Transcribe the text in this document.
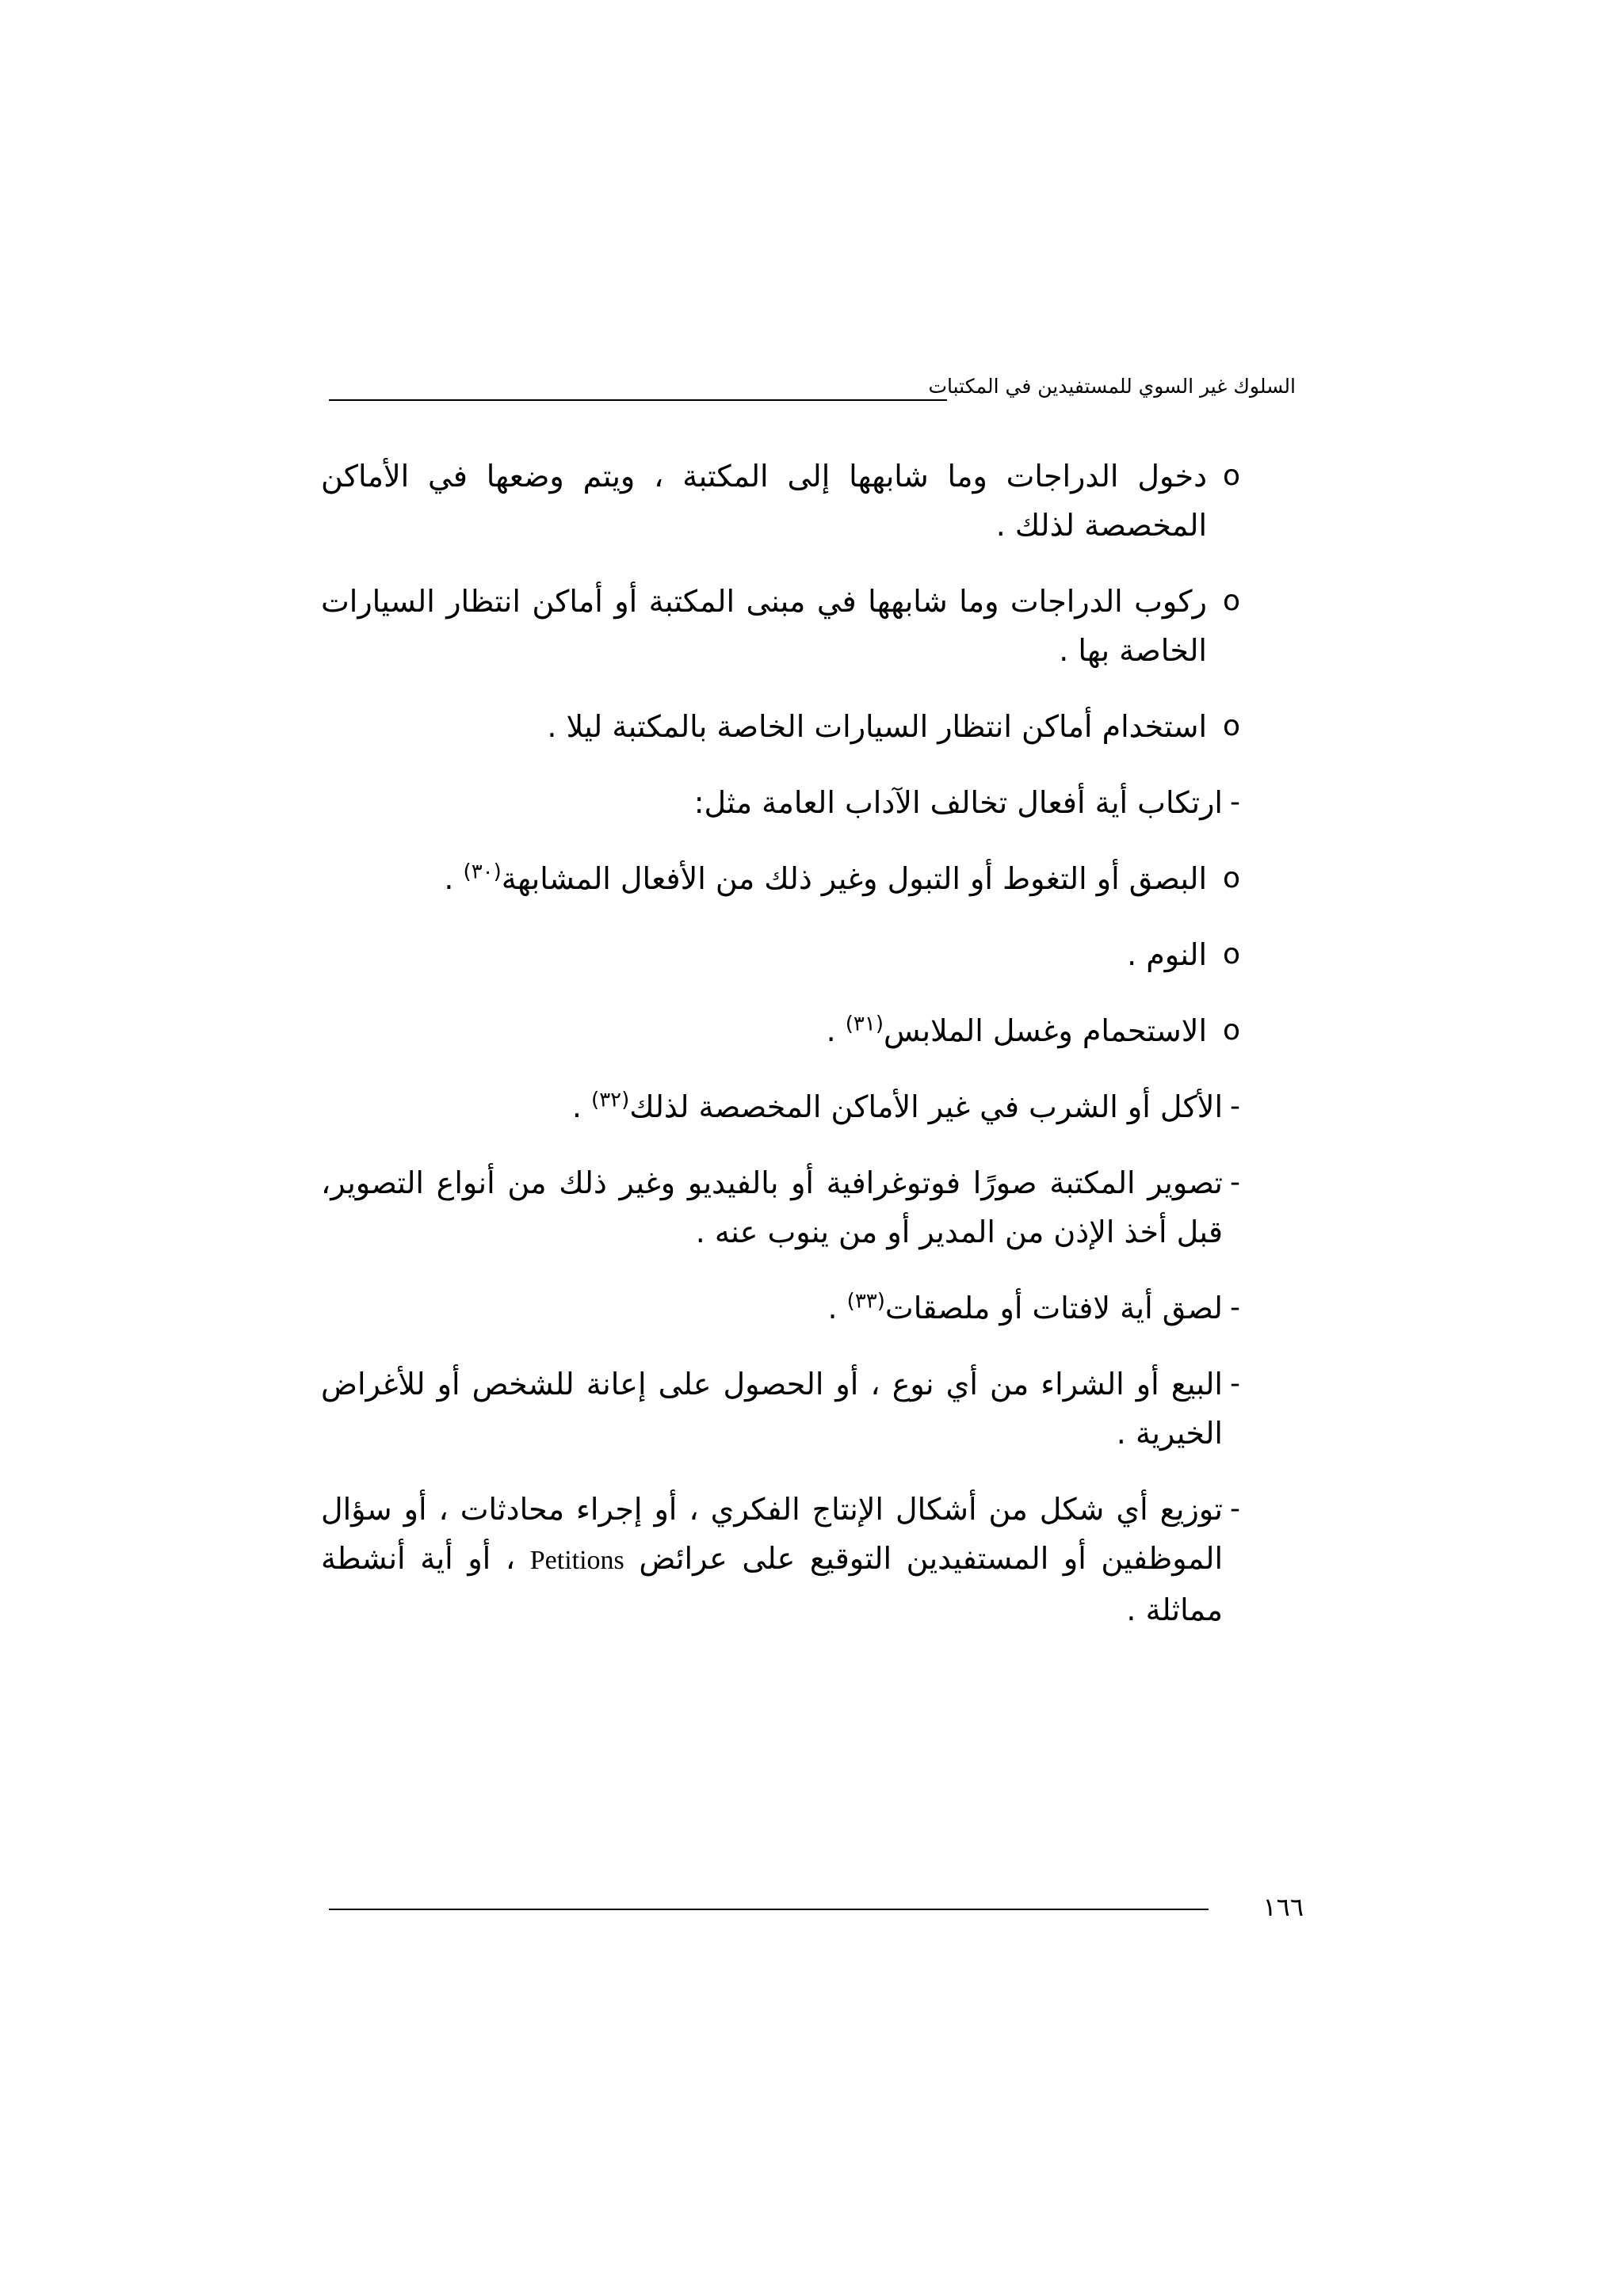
السلوك غير السوي للمستفيدين في المكتبات

o
دخول الدراجات وما شابهها إلى المكتبة ، ويتم وضعها في الأماكن المخصصة لذلك .

o
ركوب الدراجات وما شابهها في مبنى المكتبة أو أماكن انتظار السيارات الخاصة بها .

o
استخدام أماكن انتظار السيارات الخاصة بالمكتبة ليلا .

-
ارتكاب أية أفعال تخالف الآداب العامة مثل:

o
البصق أو التغوط أو التبول وغير ذلك من الأفعال المشابهة$^{(٣٠)}$ .

o
النوم .

o
الاستحمام وغسل الملابس$^{(٣١)}$ .

-
الأكل أو الشرب في غير الأماكن المخصصة لذلك$^{(٣٢)}$ .

-
تصوير المكتبة صورًا فوتوغرافية أو بالفيديو وغير ذلك من أنواع التصوير، قبل أخذ الإذن من المدير أو من ينوب عنه .

-
لصق أية لافتات أو ملصقات$^{(٣٣)}$ .

-
البيع أو الشراء من أي نوع ، أو الحصول على إعانة للشخص أو للأغراض الخيرية .

-
توزيع أي شكل من أشكال الإنتاج الفكري ، أو إجراء محادثات ، أو سؤال الموظفين أو المستفيدين التوقيع على عرائض Petitions ، أو أية أنشطة مماثلة .

١٦٦
